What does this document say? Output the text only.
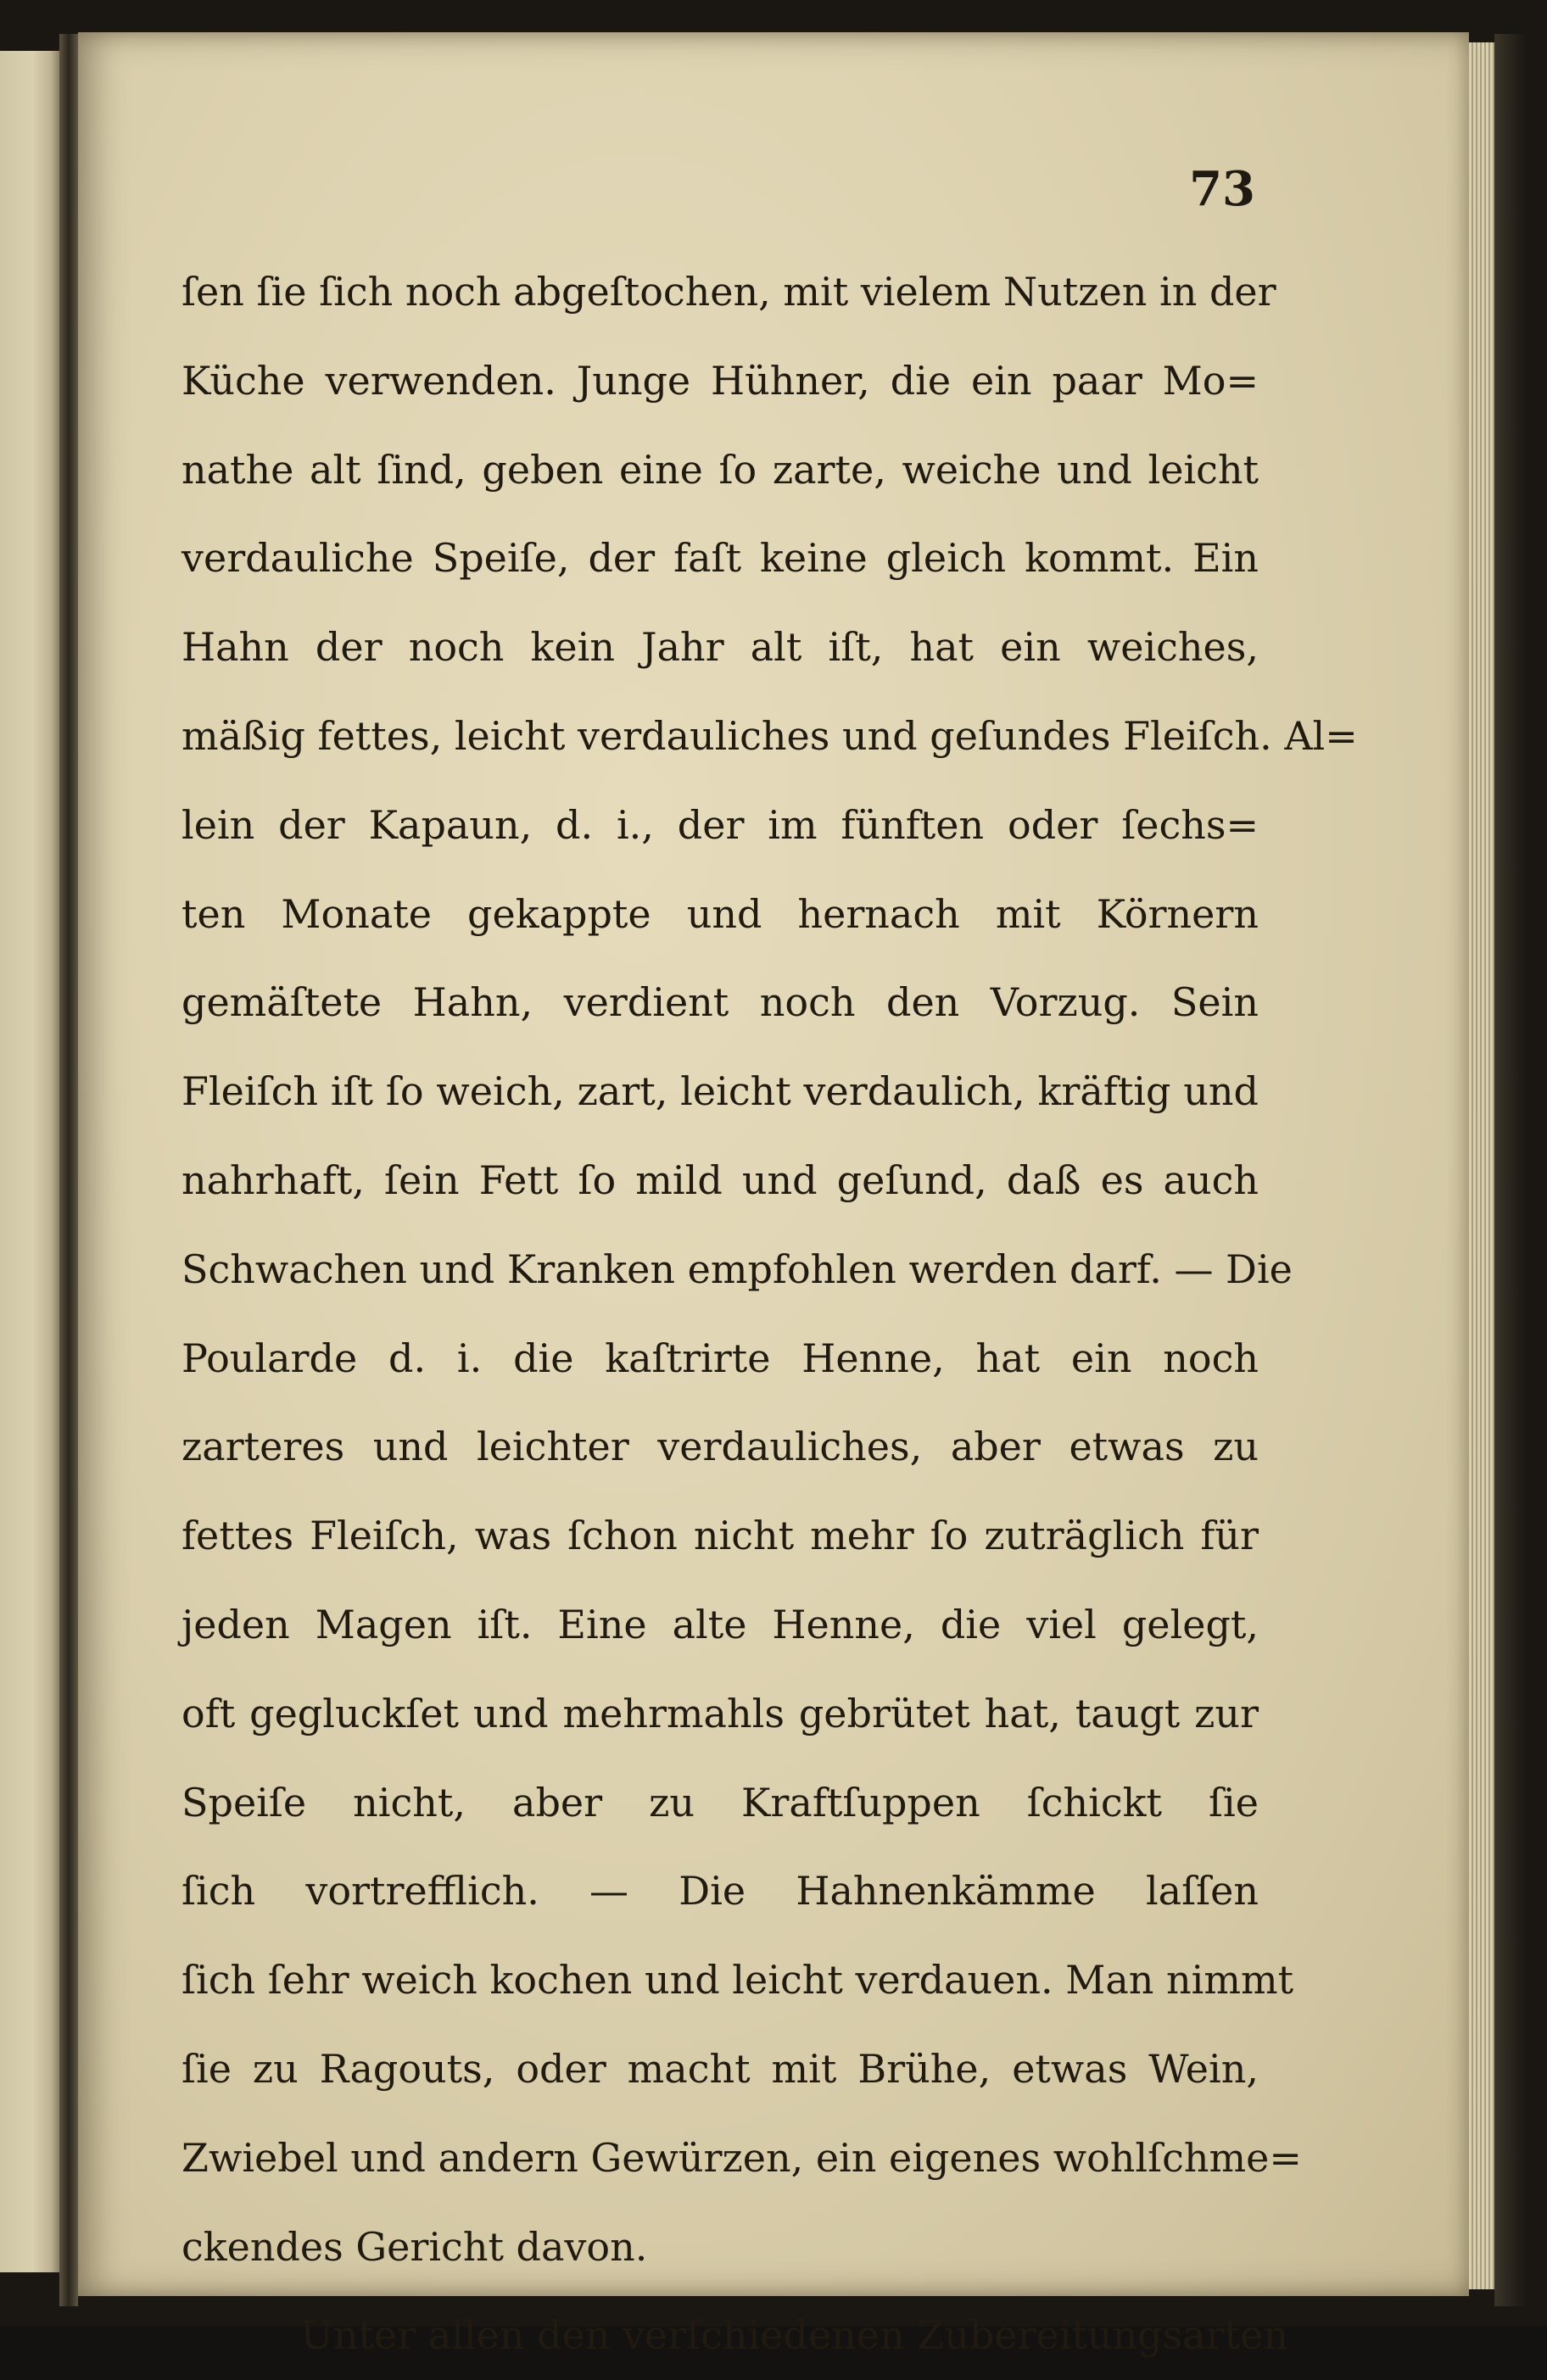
73
ſen ſie ſich noch abgeſtochen, mit vielem Nutzen in der
Küche verwenden. Junge Hühner, die ein paar Mo=
nathe alt ſind, geben eine ſo zarte, weiche und leicht
verdauliche Speiſe, der faſt keine gleich kommt. Ein
Hahn der noch kein Jahr alt iſt, hat ein weiches,
mäßig fettes, leicht verdauliches und geſundes Fleiſch. Al=
lein der Kapaun, d. i., der im fünften oder ſechs=
ten Monate gekappte und hernach mit Körnern
gemäſtete Hahn, verdient noch den Vorzug. Sein
Fleiſch iſt ſo weich, zart, leicht verdaulich, kräftig und
nahrhaft, ſein Fett ſo mild und geſund, daß es auch
Schwachen und Kranken empfohlen werden darf. — Die
Poularde d. i. die kaſtrirte Henne, hat ein noch
zarteres und leichter verdauliches, aber etwas zu
fettes Fleiſch, was ſchon nicht mehr ſo zuträglich für
jeden Magen iſt. Eine alte Henne, die viel gelegt,
oft gegluckſet und mehrmahls gebrütet hat, taugt zur
Speiſe nicht, aber zu Kraftſuppen ſchickt ſie
ſich vortrefflich. — Die Hahnenkämme laſſen
ſich ſehr weich kochen und leicht verdauen. Man nimmt
ſie zu Ragouts, oder macht mit Brühe, etwas Wein,
Zwiebel und andern Gewürzen, ein eigenes wohlſchme=
ckendes Gericht davon.
Unter allen den verſchiedenen Zubereitungsarten
